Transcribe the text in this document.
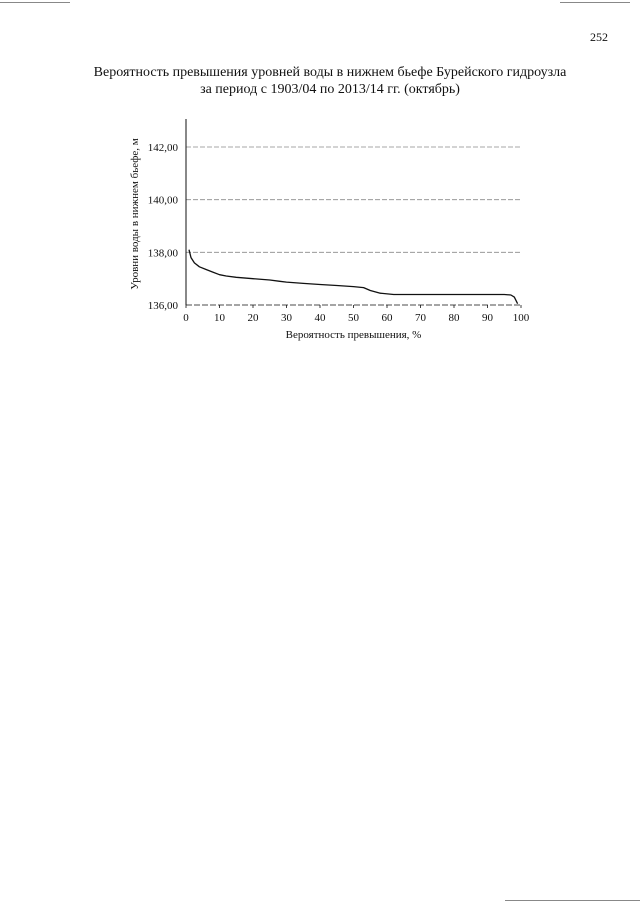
252
Вероятность превышения уровней воды в нижнем бьефе Бурейского гидроузла
за период с 1903/04 по 2013/14 гг. (октябрь)
136,00
138,00
140,00
142,00
0 10 20 30 40 50 60 70 80 90 100
Вероятность превышения, %
Уровни воды в нижнем бьефе, м
